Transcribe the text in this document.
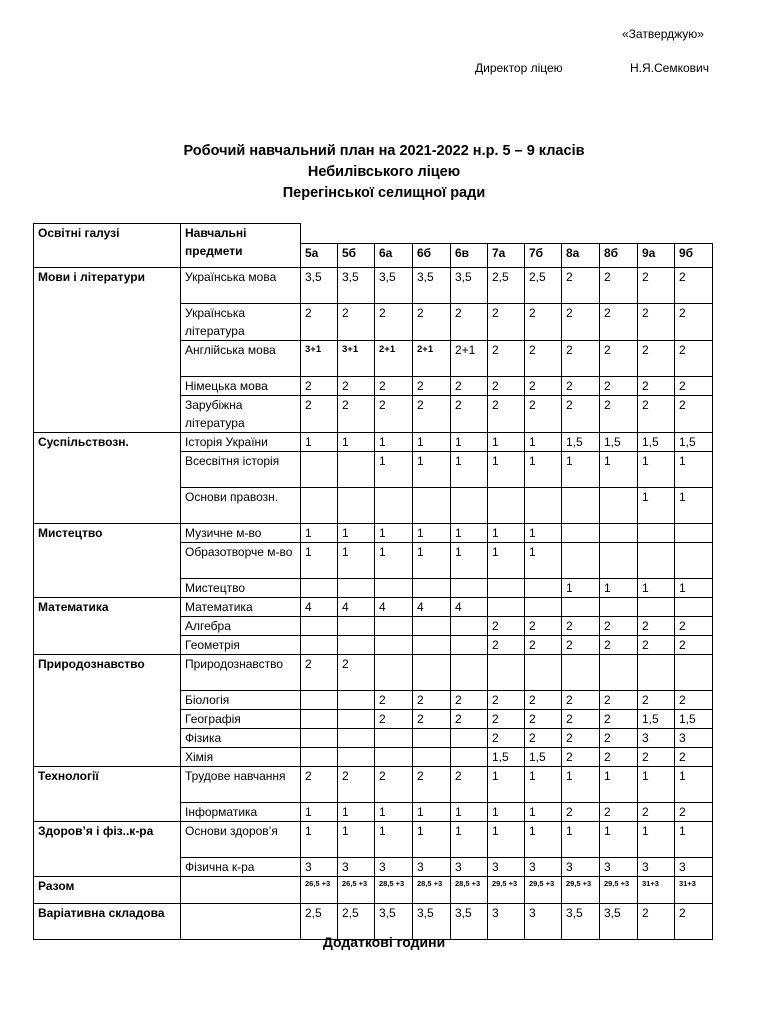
«Затверджую»
Директор ліцею	Н.Я.Семкович
Робочий навчальний план на 2021-2022 н.р. 5 – 9 класів
Небилівського ліцею
Перегінської селищної ради
Освітні галузі	Навчальні предмети											
		5а	5б	6а	6б	6в	7а	7б	8а	8б	9а	9б
Мови і літератури	Українська мова	3,5	3,5	3,5	3,5	3,5	2,5	2,5	2	2	2	2
	Українська література	2	2	2	2	2	2	2	2	2	2	2
	Англійська мова	3+1	3+1	2+1	2+1	2+1	2	2	2	2	2	2
	Німецька мова	2	2	2	2	2	2	2	2	2	2	2
	Зарубіжна література	2	2	2	2	2	2	2	2	2	2	2
Суспільствозн.	Історія України	1	1	1	1	1	1	1	1,5	1,5	1,5	1,5
	Всесвітня історія			1	1	1	1	1	1	1	1	1
	Основи правозн.										1	1
Мистецтво	Музичне м-во	1	1	1	1	1	1	1				
	Образотворче м-во	1	1	1	1	1	1	1				
	Мистецтво								1	1	1	1
Математика	Математика	4	4	4	4	4						
	Алгебра						2	2	2	2	2	2
	Геометрія						2	2	2	2	2	2
Природознавство	Природознавство	2	2									
	Біологія			2	2	2	2	2	2	2	2	2
	Географія			2	2	2	2	2	2	2	1,5	1,5
	Фізика						2	2	2	2	3	3
	Хімія						1,5	1,5	2	2	2	2
Технології	Трудове навчання	2	2	2	2	2	1	1	1	1	1	1
	Інформатика	1	1	1	1	1	1	1	2	2	2	2
Здоров’я і фіз..к-ра	Основи здоров’я	1	1	1	1	1	1	1	1	1	1	1
	Фізична к-ра	3	3	3	3	3	3	3	3	3	3	3
Разом		26,5 +3	26,5 +3	28,5 +3	28,5 +3	28,5 +3	29,5 +3	29,5 +3	29,5 +3	29,5 +3	31+3	31+3
Варіативна складова		2,5	2,5	3,5	3,5	3,5	3	3	3,5	3,5	2	2
Додаткові години
